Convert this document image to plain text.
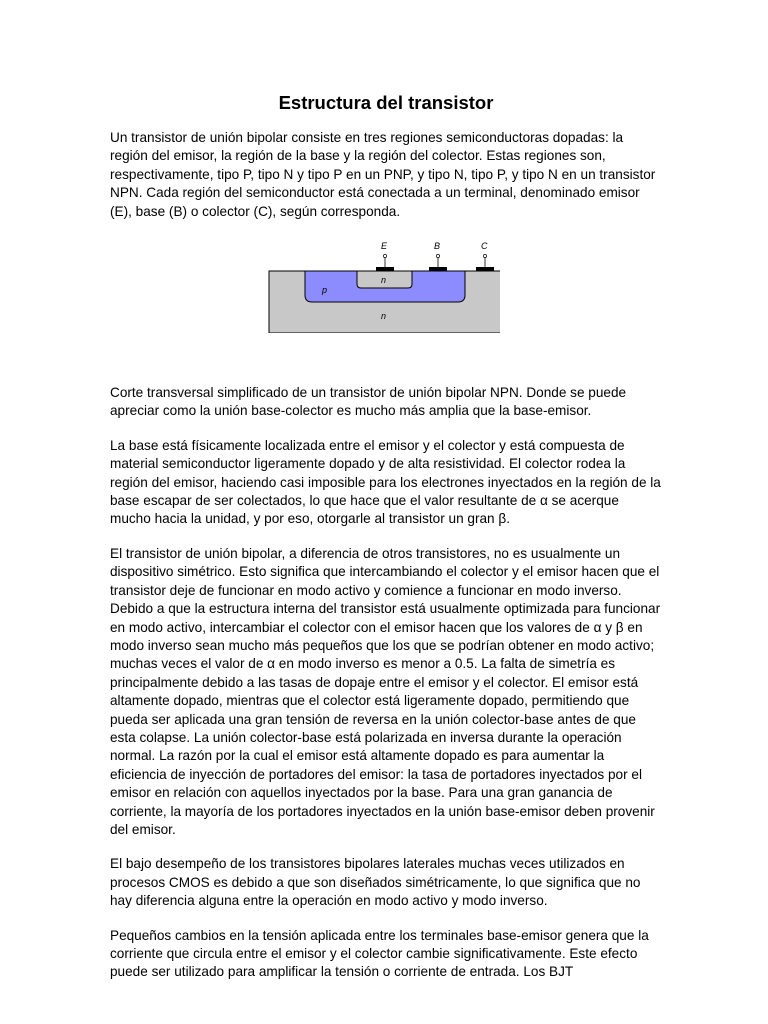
Estructura del transistor

Un transistor de unión bipolar consiste en tres regiones semiconductoras dopadas: la región del emisor, la región de la base y la región del colector. Estas regiones son, respectivamente, tipo P, tipo N y tipo P en un PNP, y tipo N, tipo P, y tipo N en un transistor NPN. Cada región del semiconductor está conectada a un terminal, denominado emisor (E), base (B) o colector (C), según corresponda.

E	B	C
n
p
n

Corte transversal simplificado de un transistor de unión bipolar NPN. Donde se puede apreciar como la unión base-colector es mucho más amplia que la base-emisor.

La base está físicamente localizada entre el emisor y el colector y está compuesta de material semiconductor ligeramente dopado y de alta resistividad. El colector rodea la región del emisor, haciendo casi imposible para los electrones inyectados en la región de la base escapar de ser colectados, lo que hace que el valor resultante de α se acerque mucho hacia la unidad, y por eso, otorgarle al transistor un gran β.

El transistor de unión bipolar, a diferencia de otros transistores, no es usualmente un dispositivo simétrico. Esto significa que intercambiando el colector y el emisor hacen que el transistor deje de funcionar en modo activo y comience a funcionar en modo inverso. Debido a que la estructura interna del transistor está usualmente optimizada para funcionar en modo activo, intercambiar el colector con el emisor hacen que los valores de α y β en modo inverso sean mucho más pequeños que los que se podrían obtener en modo activo; muchas veces el valor de α en modo inverso es menor a 0.5. La falta de simetría es principalmente debido a las tasas de dopaje entre el emisor y el colector. El emisor está altamente dopado, mientras que el colector está ligeramente dopado, permitiendo que pueda ser aplicada una gran tensión de reversa en la unión colector-base antes de que esta colapse. La unión colector-base está polarizada en inversa durante la operación normal. La razón por la cual el emisor está altamente dopado es para aumentar la eficiencia de inyección de portadores del emisor: la tasa de portadores inyectados por el emisor en relación con aquellos inyectados por la base. Para una gran ganancia de corriente, la mayoría de los portadores inyectados en la unión base-emisor deben provenir del emisor.

El bajo desempeño de los transistores bipolares laterales muchas veces utilizados en procesos CMOS es debido a que son diseñados simétricamente, lo que significa que no hay diferencia alguna entre la operación en modo activo y modo inverso.

Pequeños cambios en la tensión aplicada entre los terminales base-emisor genera que la corriente que circula entre el emisor y el colector cambie significativamente. Este efecto puede ser utilizado para amplificar la tensión o corriente de entrada. Los BJT
